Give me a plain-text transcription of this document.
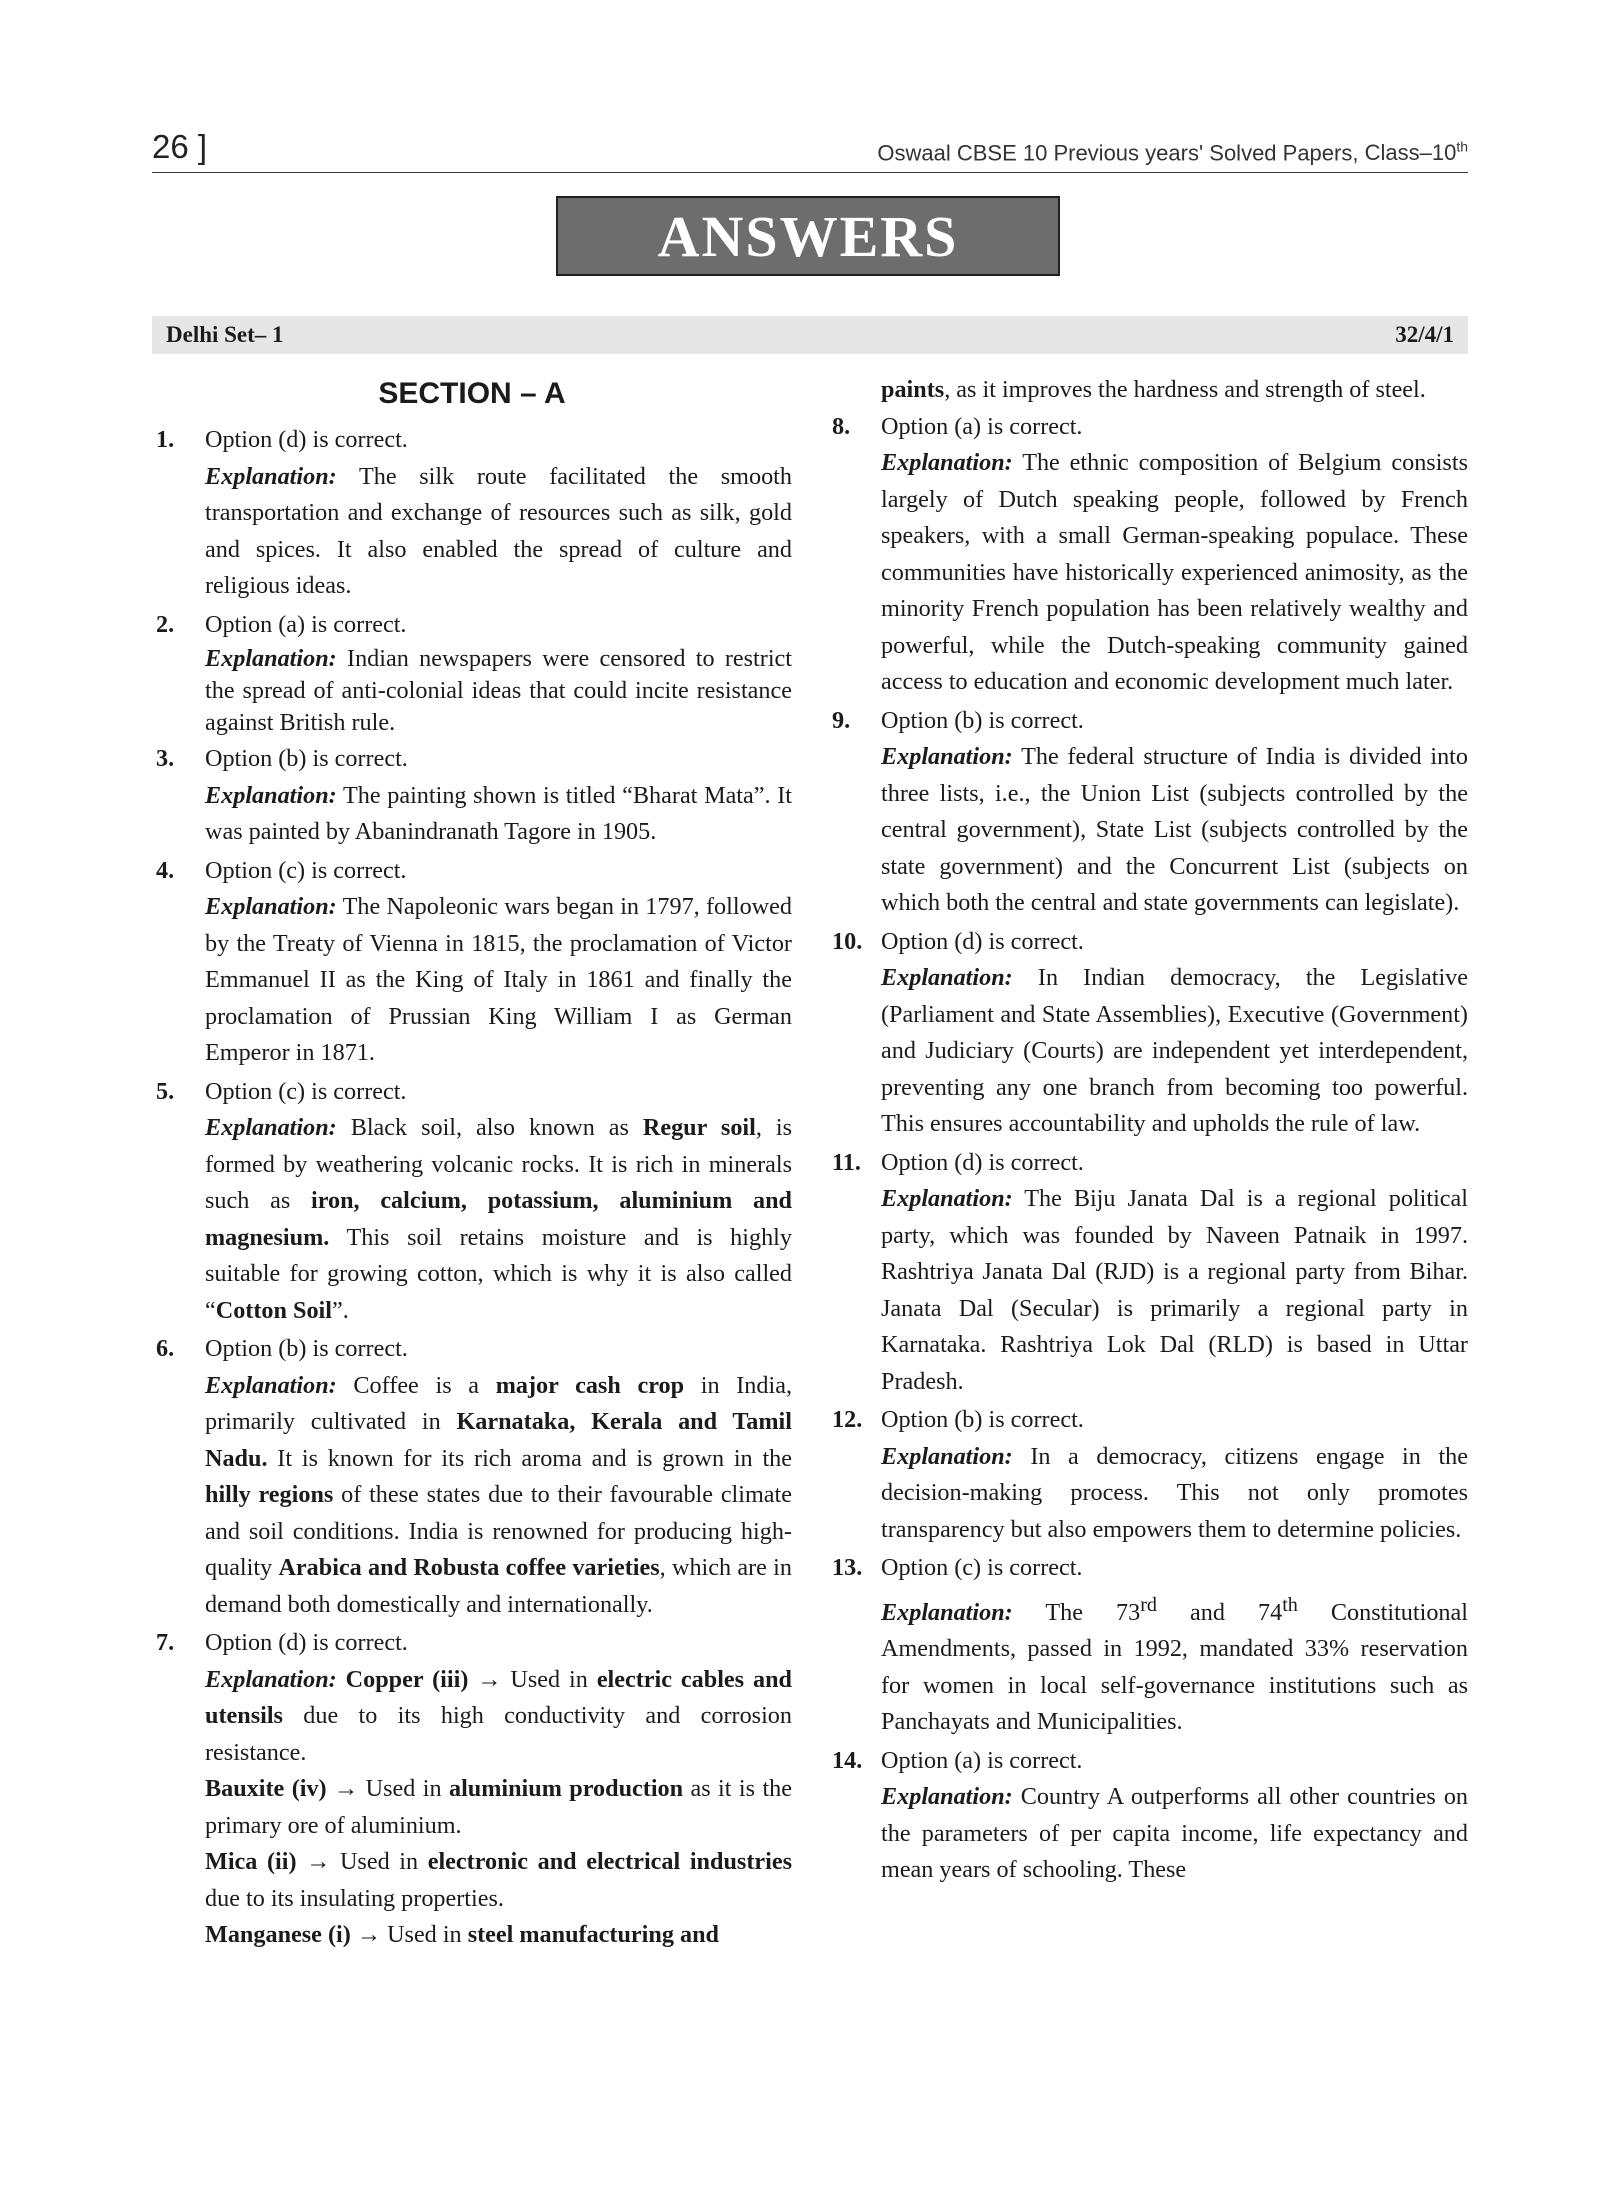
26 ]	Oswaal CBSE 10 Previous years' Solved Papers, Class–10th
ANSWERS
Delhi Set– 1	32/4/1
SECTION – A
1. Option (d) is correct.

Explanation: The silk route facilitated the smooth transportation and exchange of resources such as silk, gold and spices. It also enabled the spread of culture and religious ideas.

2. Option (a) is correct.

Explanation: Indian newspapers were censored to restrict the spread of anti-colonial ideas that could incite resistance against British rule.

3. Option (b) is correct.

Explanation: The painting shown is titled “Bharat Mata”. It was painted by Abanindranath Tagore in 1905.

4. Option (c) is correct.

Explanation: The Napoleonic wars began in 1797, followed by the Treaty of Vienna in 1815, the proclamation of Victor Emmanuel II as the King of Italy in 1861 and finally the proclamation of Prussian King William I as German Emperor in 1871.

5. Option (c) is correct.

Explanation: Black soil, also known as Regur soil, is formed by weathering volcanic rocks. It is rich in minerals such as iron, calcium, potassium, aluminium and magnesium. This soil retains moisture and is highly suitable for growing cotton, which is why it is also called “Cotton Soil”.

6. Option (b) is correct.

Explanation: Coffee is a major cash crop in India, primarily cultivated in Karnataka, Kerala and Tamil Nadu. It is known for its rich aroma and is grown in the hilly regions of these states due to their favourable climate and soil conditions. India is renowned for producing high-quality Arabica and Robusta coffee varieties, which are in demand both domestically and internationally.

7. Option (d) is correct.

Explanation: Copper (iii) → Used in electric cables and utensils due to its high conductivity and corrosion resistance.

Bauxite (iv) → Used in aluminium production as it is the primary ore of aluminium.

Mica (ii) → Used in electronic and electrical industries due to its insulating properties.

Manganese (i) → Used in steel manufacturing and

paints, as it improves the hardness and strength of steel.

8. Option (a) is correct.

Explanation: The ethnic composition of Belgium consists largely of Dutch speaking people, followed by French speakers, with a small German-speaking populace. These communities have historically experienced animosity, as the minority French population has been relatively wealthy and powerful, while the Dutch-speaking community gained access to education and economic development much later.

9. Option (b) is correct.

Explanation: The federal structure of India is divided into three lists, i.e., the Union List (subjects controlled by the central government), State List (subjects controlled by the state government) and the Concurrent List (subjects on which both the central and state governments can legislate).

10. Option (d) is correct.

Explanation: In Indian democracy, the Legislative (Parliament and State Assemblies), Executive (Government) and Judiciary (Courts) are independent yet interdependent, preventing any one branch from becoming too powerful. This ensures accountability and upholds the rule of law.

11. Option (d) is correct.

Explanation: The Biju Janata Dal is a regional political party, which was founded by Naveen Patnaik in 1997. Rashtriya Janata Dal (RJD) is a regional party from Bihar. Janata Dal (Secular) is primarily a regional party in Karnataka. Rashtriya Lok Dal (RLD) is based in Uttar Pradesh.

12. Option (b) is correct.

Explanation: In a democracy, citizens engage in the decision-making process. This not only promotes transparency but also empowers them to determine policies.

13. Option (c) is correct.

Explanation: The 73rd and 74th Constitutional Amendments, passed in 1992, mandated 33% reservation for women in local self-governance institutions such as Panchayats and Municipalities.

14. Option (a) is correct.

Explanation: Country A outperforms all other countries on the parameters of per capita income, life expectancy and mean years of schooling. These
